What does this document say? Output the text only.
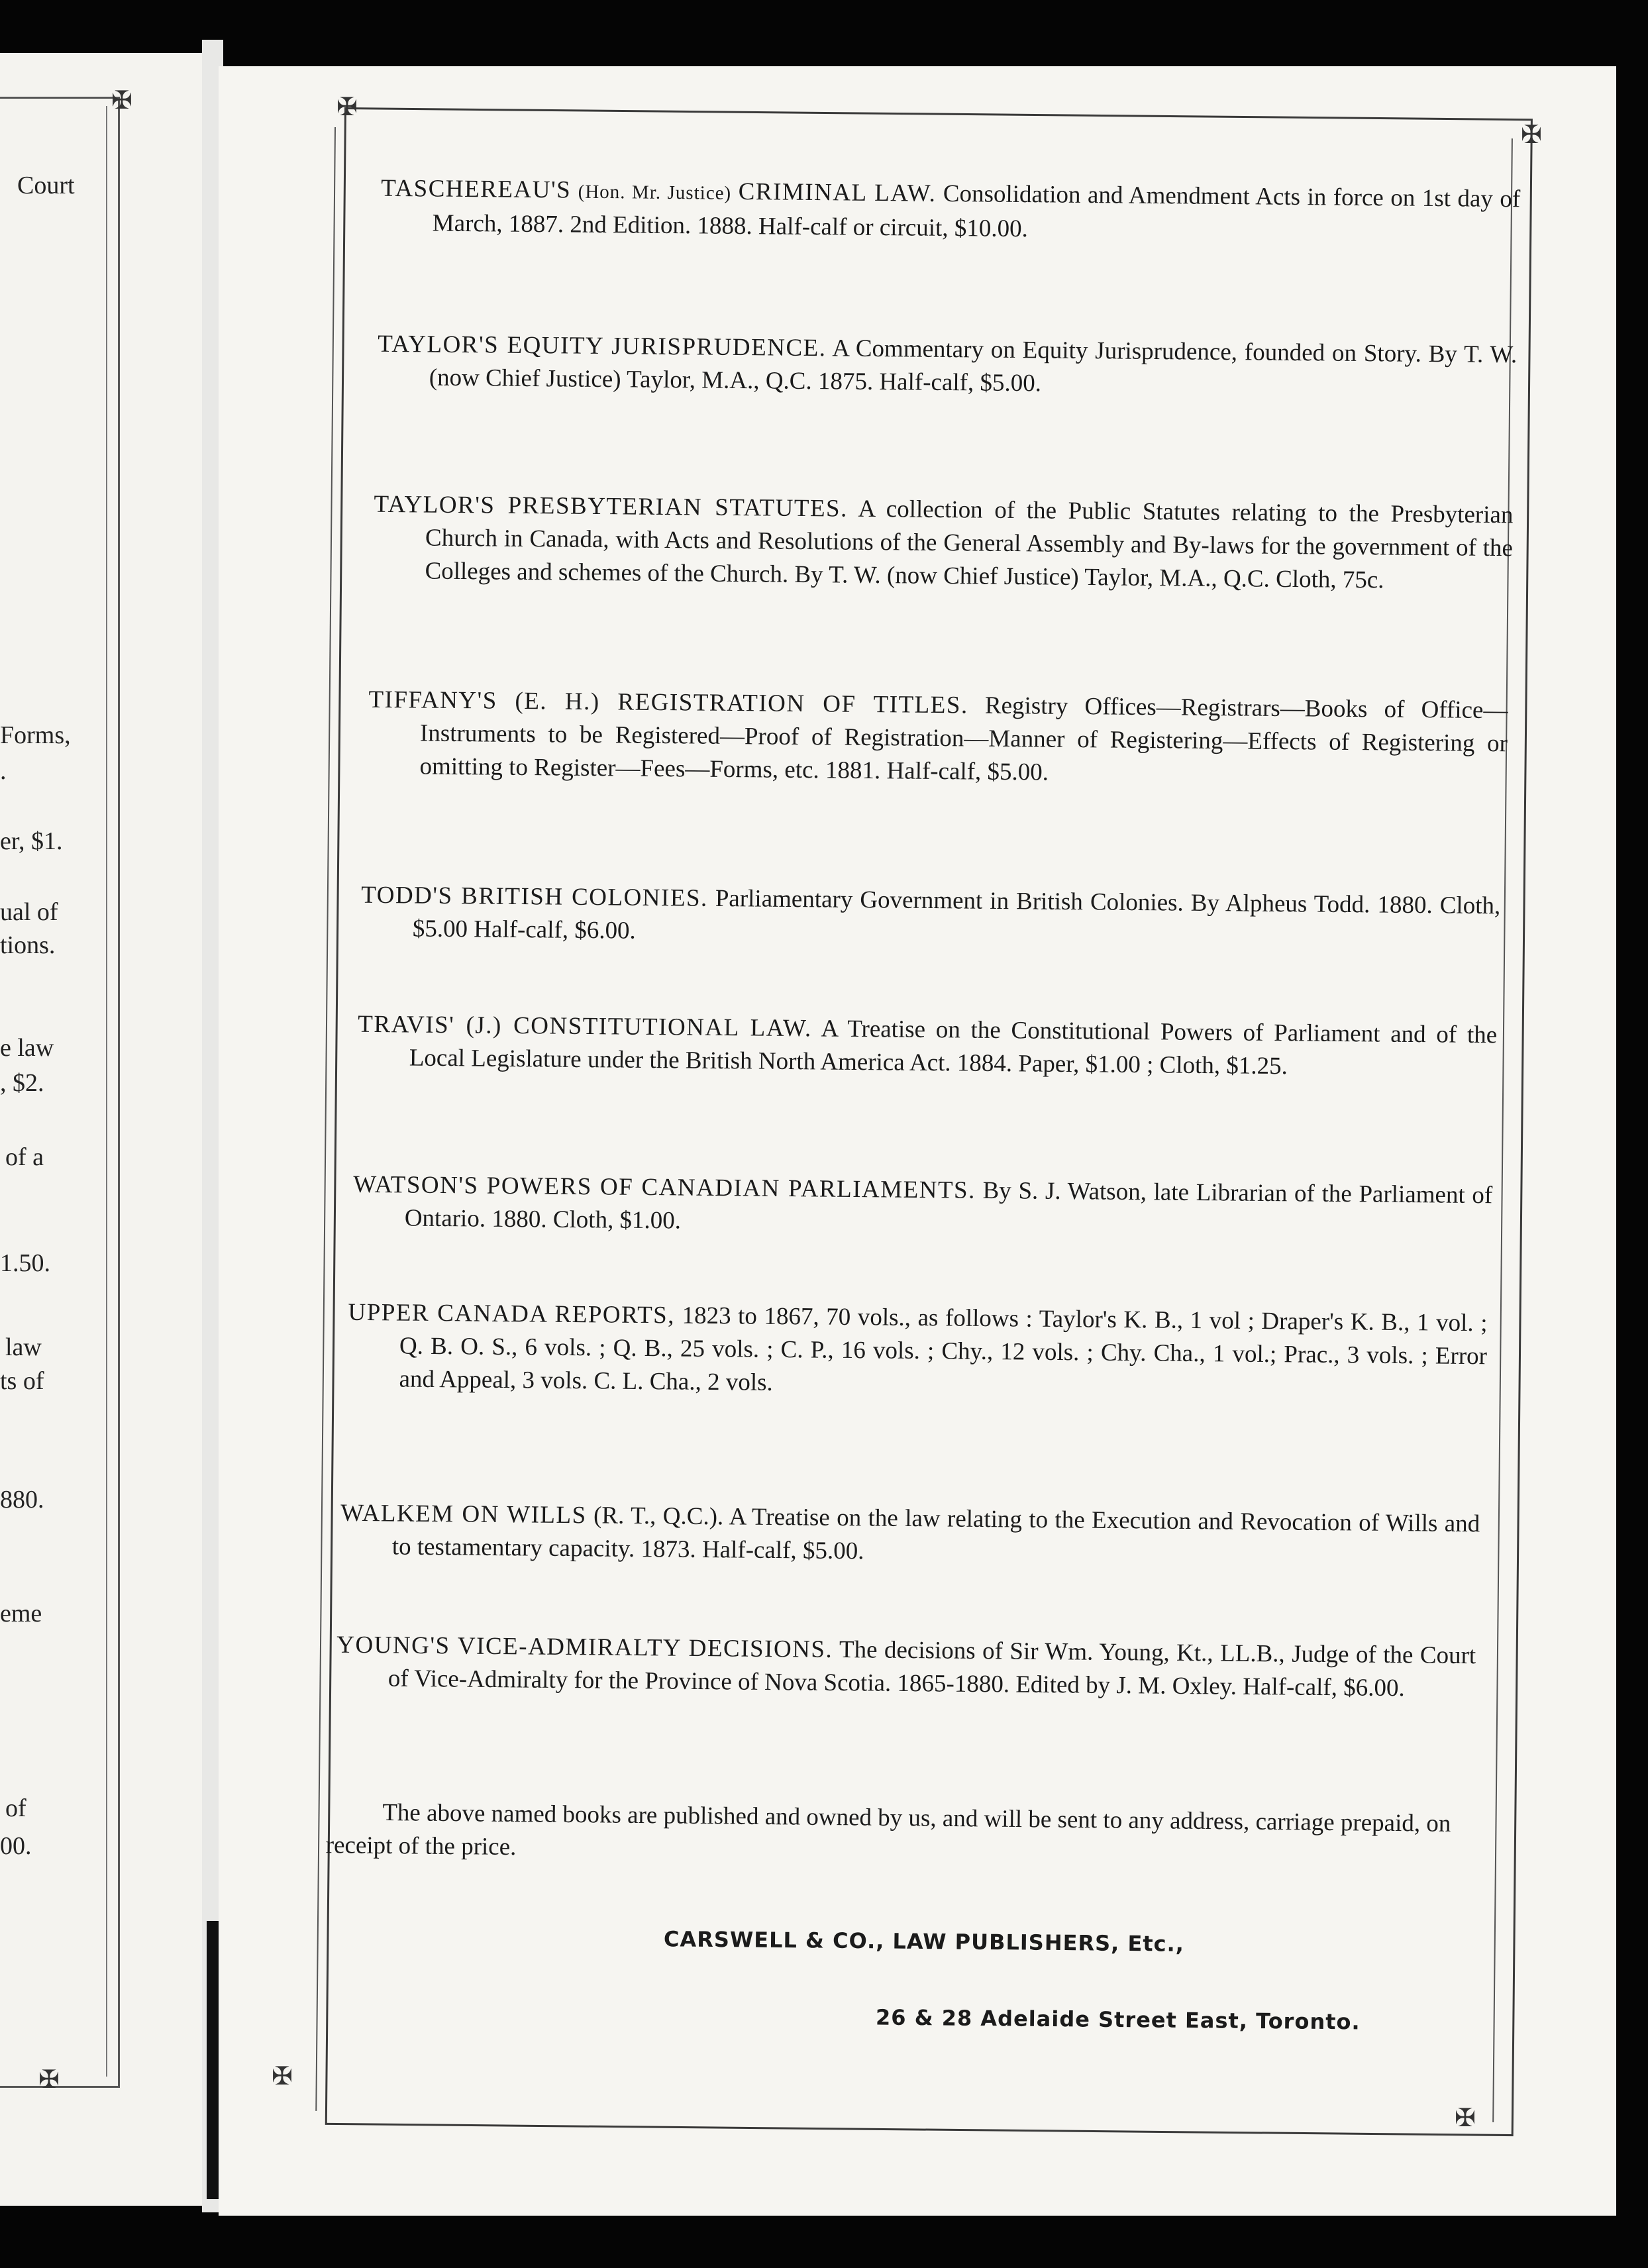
✠
✠
Court
Forms,
.
er, $1.
ual of
tions.
e law
, $2.
of a
1.50.
law
ts of
880.
eme
of
00.
✠
✠
✠
✠
TASCHEREAU'S (Hon. Mr. Justice) CRIMINAL LAW. Consolidation and Amendment Acts in force on 1st day of March, 1887. 2nd Edition. 1888. Half-calf or circuit, $10.00.
TAYLOR'S EQUITY JURISPRUDENCE. A Commentary on Equity Jurisprudence, founded on Story. By T. W. (now Chief Justice) Taylor, M.A., Q.C. 1875. Half-calf, $5.00.
TAYLOR'S PRESBYTERIAN STATUTES. A collection of the Public Statutes relating to the Presbyterian Church in Canada, with Acts and Resolutions of the General Assembly and By-laws for the government of the Colleges and schemes of the Church. By T. W. (now Chief Justice) Taylor, M.A., Q.C. Cloth, 75c.
TIFFANY'S (E. H.) REGISTRATION OF TITLES. Registry Offices—Registrars—Books of Office—Instruments to be Registered—Proof of Registration—Manner of Registering—Effects of Registering or omitting to Register—Fees—Forms, etc. 1881. Half-calf, $5.00.
TODD'S BRITISH COLONIES. Parliamentary Government in British Colonies. By Alpheus Todd. 1880. Cloth, $5.00 Half-calf, $6.00.
TRAVIS' (J.) CONSTITUTIONAL LAW. A Treatise on the Constitutional Powers of Parliament and of the Local Legislature under the British North America Act. 1884. Paper, $1.00 ; Cloth, $1.25.
WATSON'S POWERS OF CANADIAN PARLIAMENTS. By S. J. Watson, late Librarian of the Parliament of Ontario. 1880. Cloth, $1.00.
UPPER CANADA REPORTS, 1823 to 1867, 70 vols., as follows : Taylor's K. B., 1 vol ; Draper's K. B., 1 vol. ; Q. B. O. S., 6 vols. ; Q. B., 25 vols. ; C. P., 16 vols. ; Chy., 12 vols. ; Chy. Cha., 1 vol.; Prac., 3 vols. ; Error and Appeal, 3 vols. C. L. Cha., 2 vols.
WALKEM ON WILLS (R. T., Q.C.). A Treatise on the law relating to the Execution and Revocation of Wills and to testamentary capacity. 1873. Half-calf, $5.00.
YOUNG'S VICE-ADMIRALTY DECISIONS. The decisions of Sir Wm. Young, Kt., LL.B., Judge of the Court of Vice-Admiralty for the Province of Nova Scotia. 1865-1880. Edited by J. M. Oxley. Half-calf, $6.00.
The above named books are published and owned by us, and will be sent to any address, carriage prepaid, on receipt of the price.
CARSWELL & CO., LAW PUBLISHERS, Etc.,
26 & 28 Adelaide Street East, Toronto.
